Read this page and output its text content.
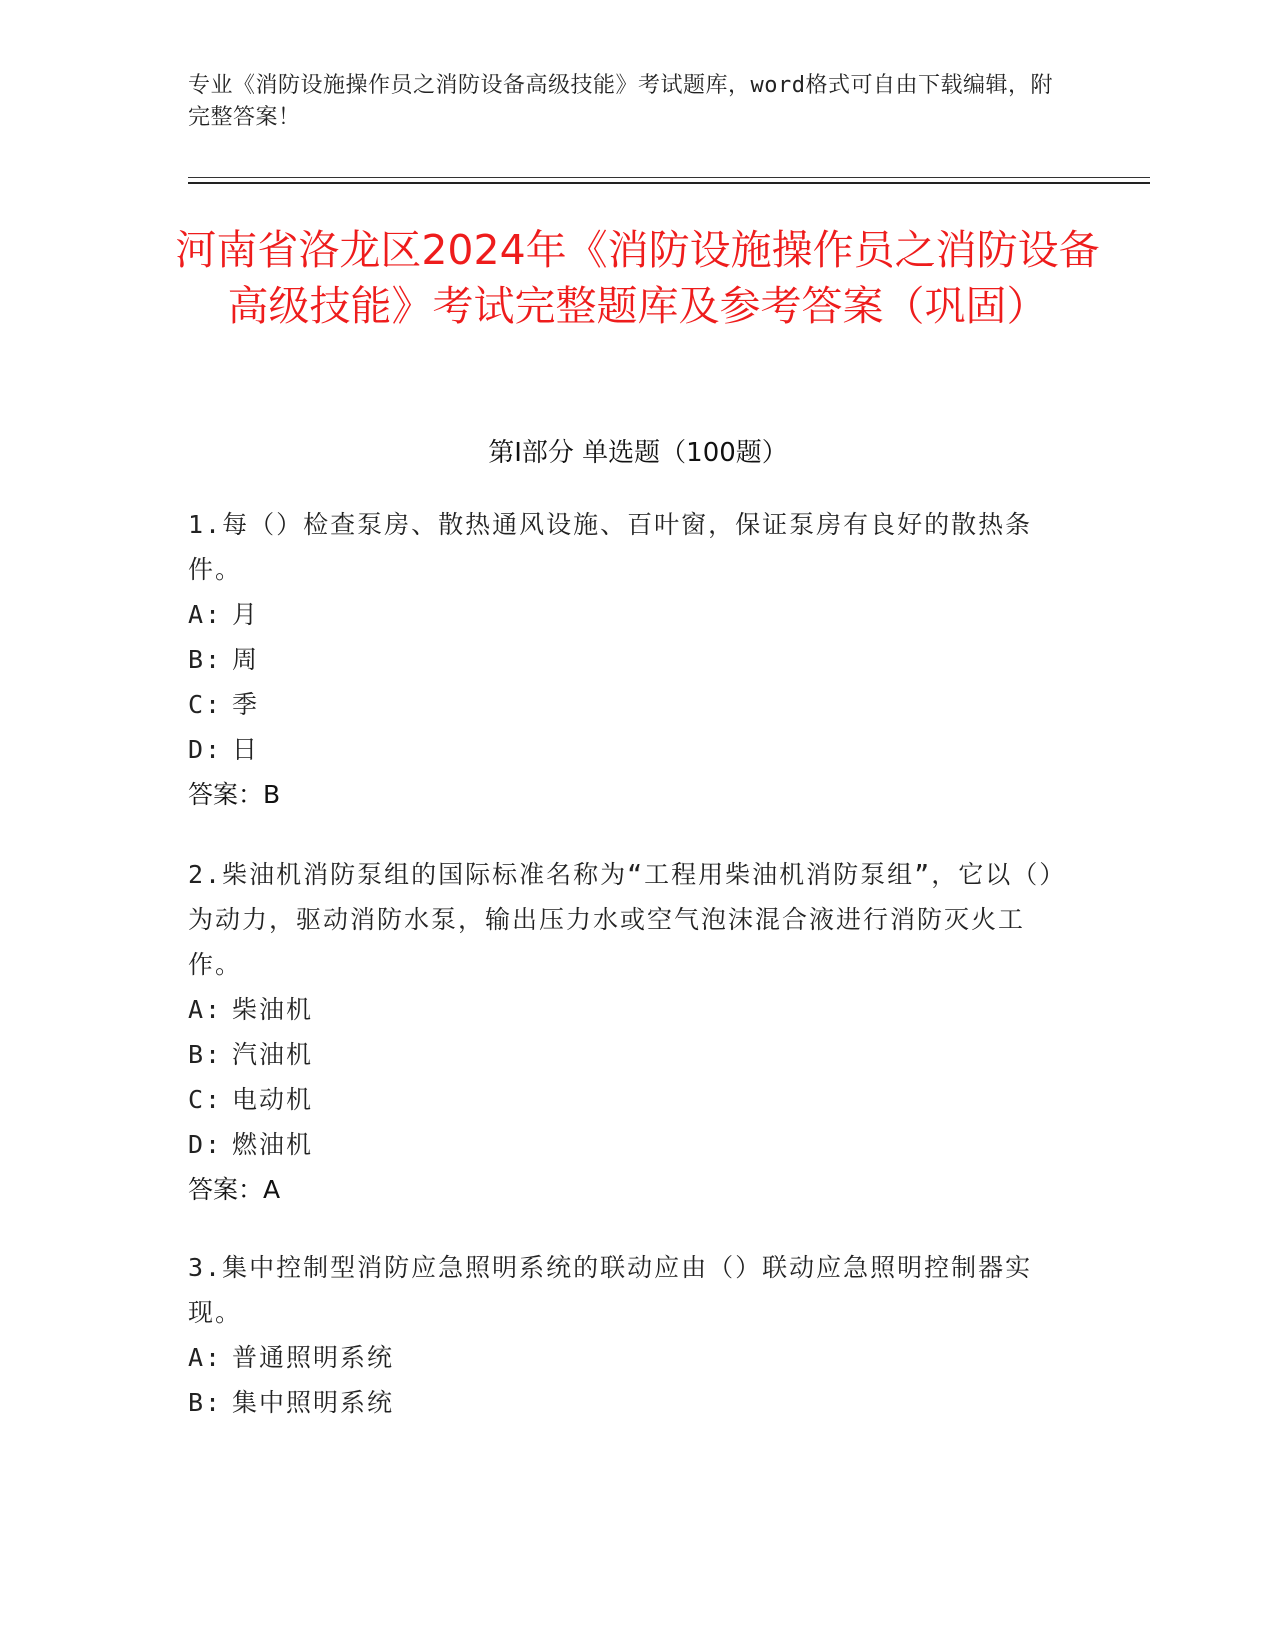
专业《消防设施操作员之消防设备高级技能》考试题库，word格式可自由下载编辑，附完整答案！
河南省洛龙区2024年《消防设施操作员之消防设备高级技能》考试完整题库及参考答案（巩固）
第I部分 单选题（100题）
1.每（）检查泵房、散热通风设施、百叶窗，保证泵房有良好的散热条件。
A: 月
B: 周
C: 季
D: 日
答案：B
2.柴油机消防泵组的国际标准名称为“工程用柴油机消防泵组”，它以（）为动力，驱动消防水泵，输出压力水或空气泡沫混合液进行消防灭火工作。
A: 柴油机
B: 汽油机
C: 电动机
D: 燃油机
答案：A
3.集中控制型消防应急照明系统的联动应由（）联动应急照明控制器实现。
A: 普通照明系统
B: 集中照明系统
